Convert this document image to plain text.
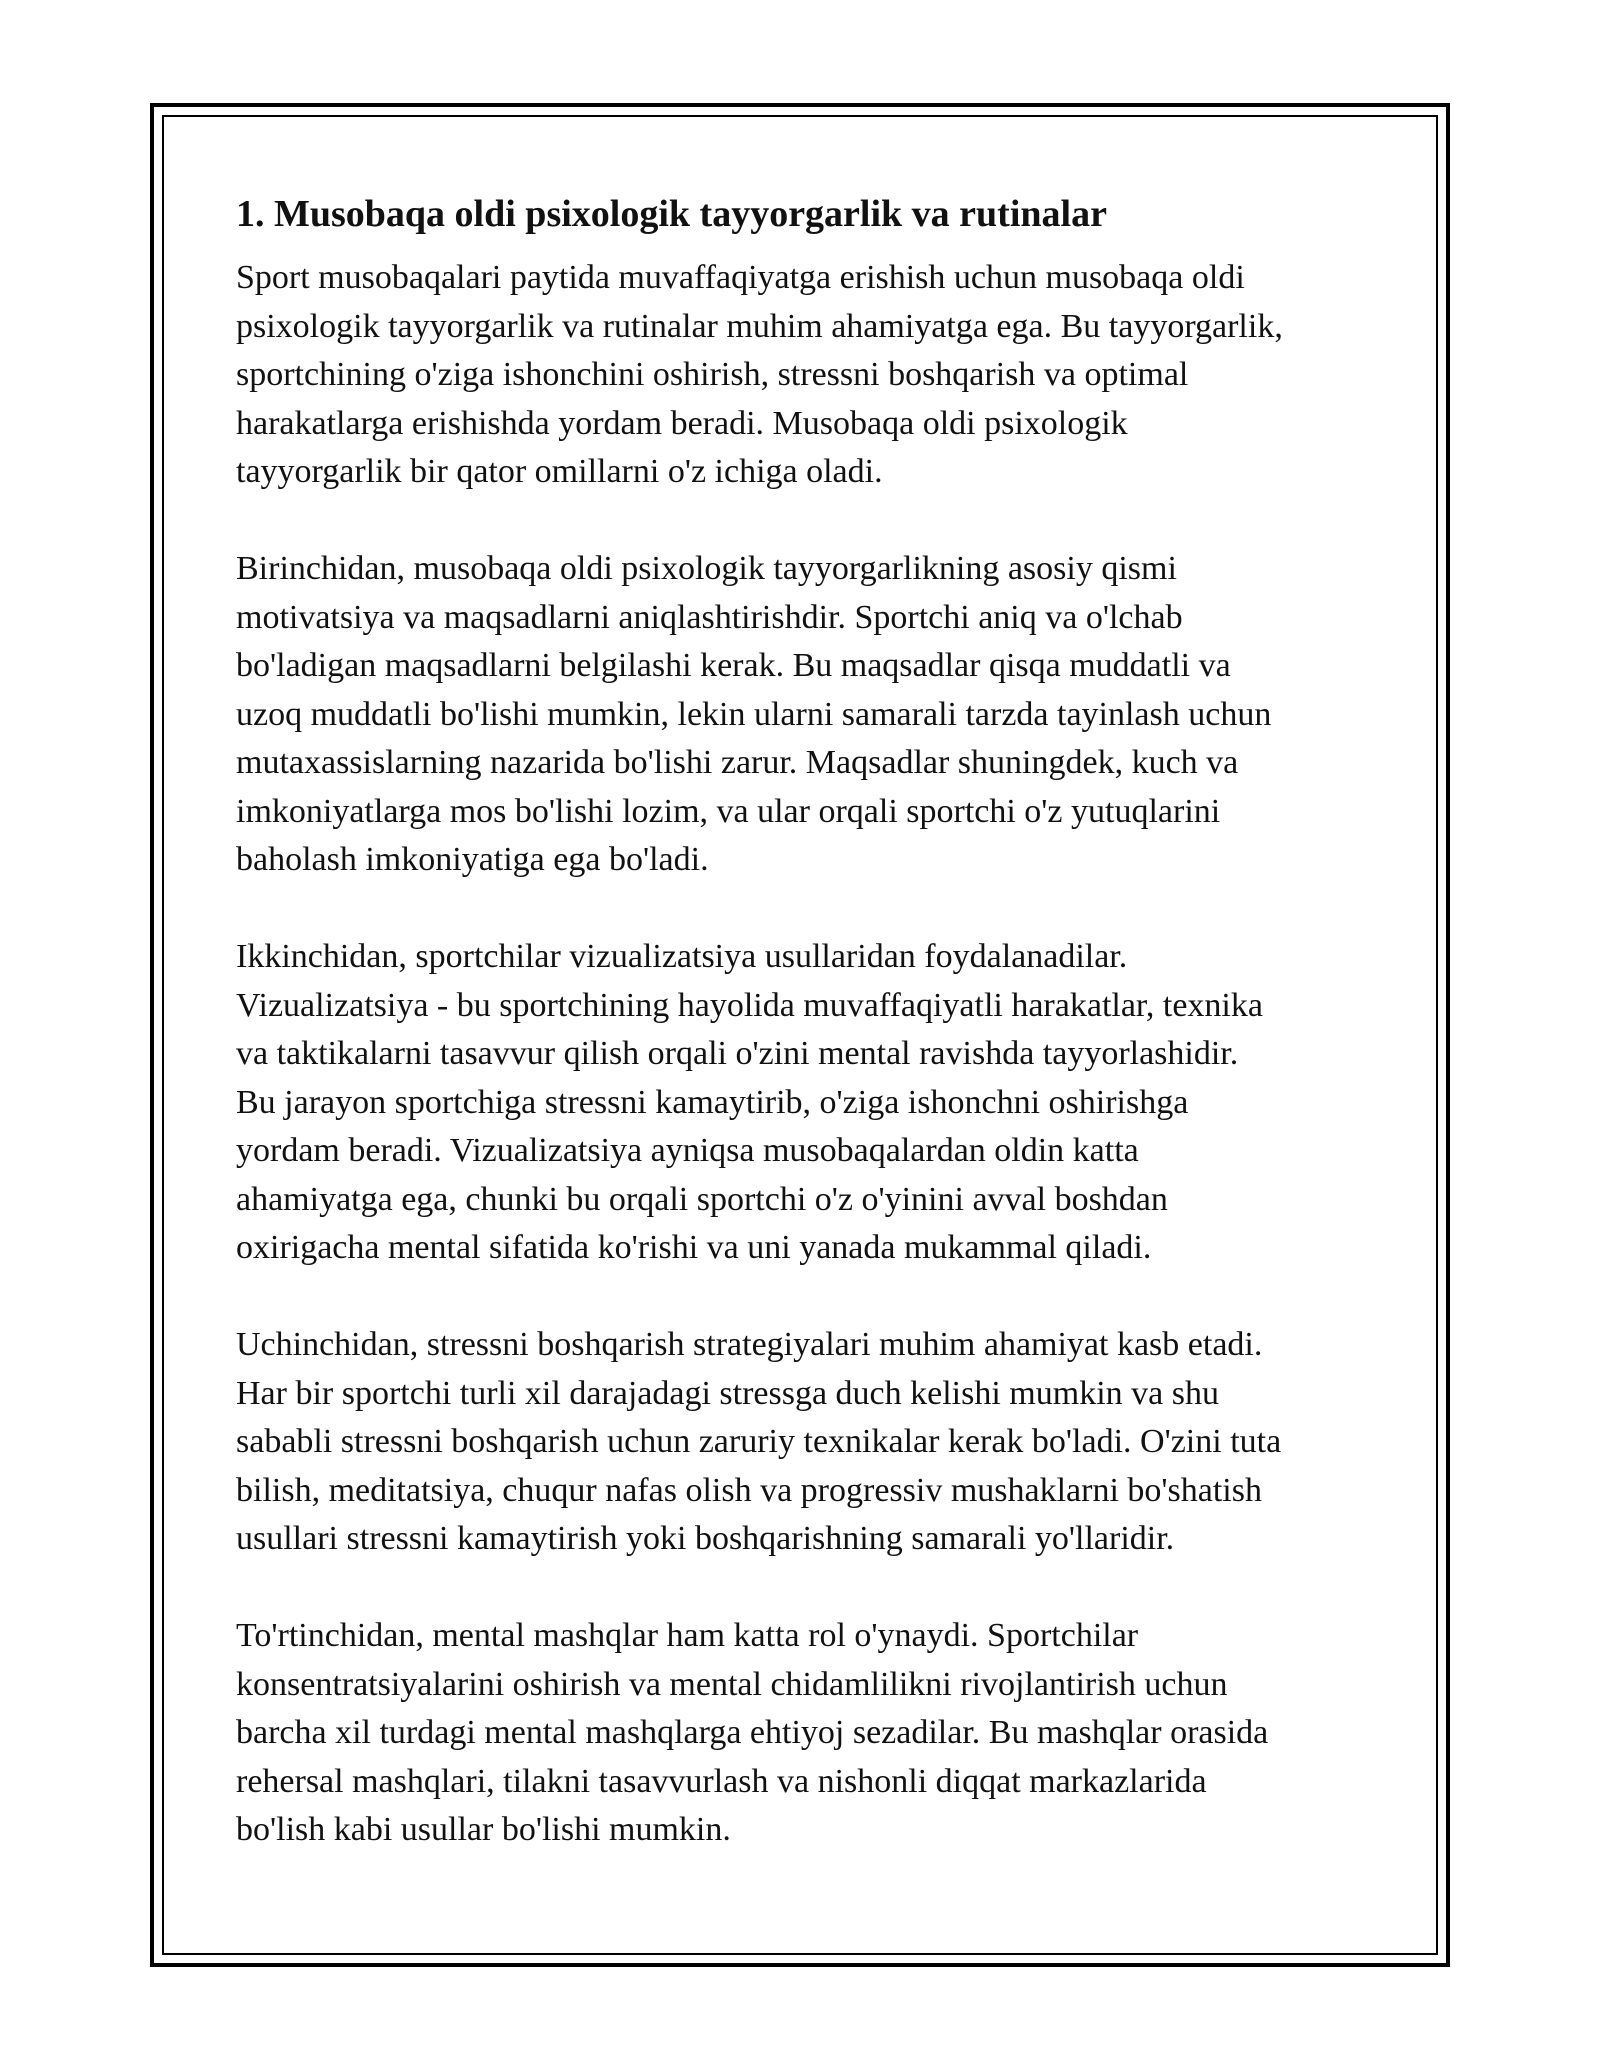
1. Musobaqa oldi psixologik tayyorgarlik va rutinalar
Sport musobaqalari paytida muvaffaqiyatga erishish uchun musobaqa oldi
psixologik tayyorgarlik va rutinalar muhim ahamiyatga ega. Bu tayyorgarlik,
sportchining o'ziga ishonchini oshirish, stressni boshqarish va optimal
harakatlarga erishishda yordam beradi. Musobaqa oldi psixologik
tayyorgarlik bir qator omillarni o'z ichiga oladi.
Birinchidan, musobaqa oldi psixologik tayyorgarlikning asosiy qismi
motivatsiya va maqsadlarni aniqlashtirishdir. Sportchi aniq va o'lchab
bo'ladigan maqsadlarni belgilashi kerak. Bu maqsadlar qisqa muddatli va
uzoq muddatli bo'lishi mumkin, lekin ularni samarali tarzda tayinlash uchun
mutaxassislarning nazarida bo'lishi zarur. Maqsadlar shuningdek, kuch va
imkoniyatlarga mos bo'lishi lozim, va ular orqali sportchi o'z yutuqlarini
baholash imkoniyatiga ega bo'ladi.
Ikkinchidan, sportchilar vizualizatsiya usullaridan foydalanadilar.
Vizualizatsiya - bu sportchining hayolida muvaffaqiyatli harakatlar, texnika
va taktikalarni tasavvur qilish orqali o'zini mental ravishda tayyorlashidir.
Bu jarayon sportchiga stressni kamaytirib, o'ziga ishonchni oshirishga
yordam beradi. Vizualizatsiya ayniqsa musobaqalardan oldin katta
ahamiyatga ega, chunki bu orqali sportchi o'z o'yinini avval boshdan
oxirigacha mental sifatida ko'rishi va uni yanada mukammal qiladi.
Uchinchidan, stressni boshqarish strategiyalari muhim ahamiyat kasb etadi.
Har bir sportchi turli xil darajadagi stressga duch kelishi mumkin va shu
sababli stressni boshqarish uchun zaruriy texnikalar kerak bo'ladi. O'zini tuta
bilish, meditatsiya, chuqur nafas olish va progressiv mushaklarni bo'shatish
usullari stressni kamaytirish yoki boshqarishning samarali yo'llaridir.
To'rtinchidan, mental mashqlar ham katta rol o'ynaydi. Sportchilar
konsentratsiyalarini oshirish va mental chidamlilikni rivojlantirish uchun
barcha xil turdagi mental mashqlarga ehtiyoj sezadilar. Bu mashqlar orasida
rehersal mashqlari, tilakni tasavvurlash va nishonli diqqat markazlarida
bo'lish kabi usullar bo'lishi mumkin.
